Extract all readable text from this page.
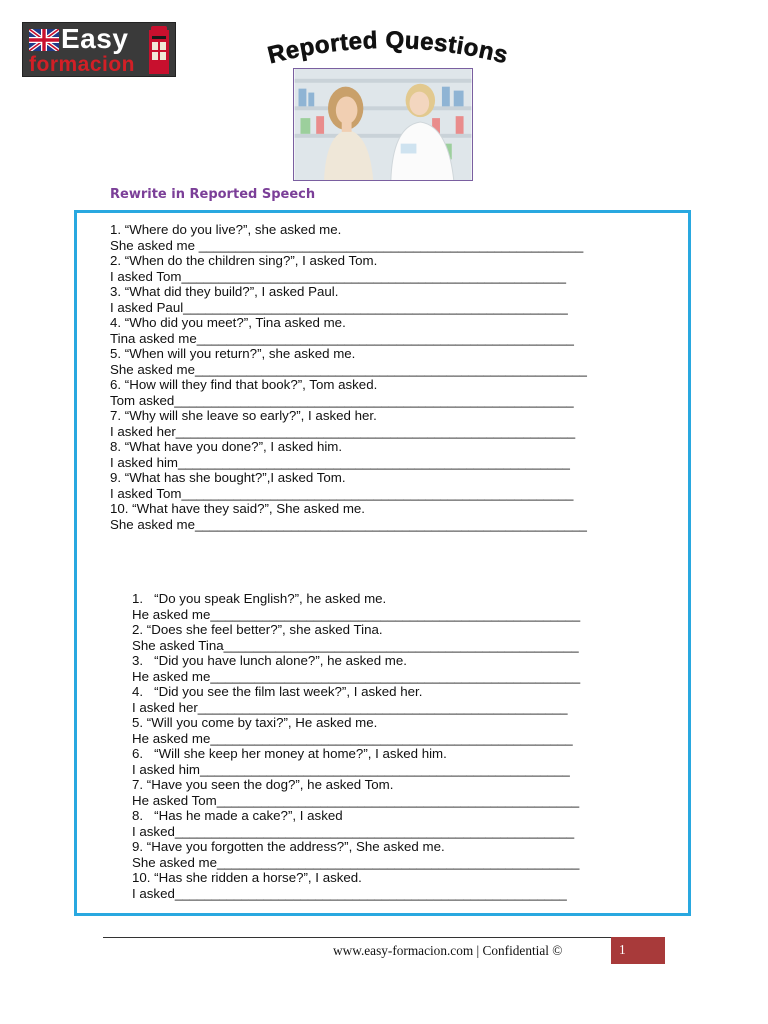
Easy
formacion	Reported Questions
Rewrite in Reported Speech
1. “Where do you live?”, she asked me.
She asked me ____________________________________________________
2. “When do the children sing?”, I asked Tom.
I asked Tom____________________________________________________
3. “What did they build?”, I asked Paul.
I asked Paul____________________________________________________
4. “Who did you meet?”, Tina asked me.
Tina asked me___________________________________________________
5. “When will you return?”, she asked me.
She asked me_____________________________________________________
6. “How will they find that book?”, Tom asked.
Tom asked______________________________________________________
7. “Why will she leave so early?”, I asked her.
I asked her______________________________________________________
8. “What have you done?”, I asked him.
I asked him_____________________________________________________
9. “What has she bought?”,I asked Tom.
I asked Tom_____________________________________________________
10. “What have they said?”, She asked me.
She asked me_____________________________________________________
1.   “Do you speak English?”, he asked me.
He asked me__________________________________________________
2. “Does she feel better?”, she asked Tina.
She asked Tina________________________________________________
3.   “Did you have lunch alone?”, he asked me.
He asked me__________________________________________________
4.   “Did you see the film last week?”, I asked her.
I asked her__________________________________________________
5. “Will you come by taxi?”, He asked me.
He asked me_________________________________________________
6.   “Will she keep her money at home?”, I asked him.
I asked him__________________________________________________
7. “Have you seen the dog?”, he asked Tom.
He asked Tom_________________________________________________
8.   “Has he made a cake?”, I asked
I asked______________________________________________________
9. “Have you forgotten the address?”, She asked me.
She asked me_________________________________________________
10. “Has she ridden a horse?”, I asked.
I asked_____________________________________________________
www.easy-formacion.com | Confidential ©	1
